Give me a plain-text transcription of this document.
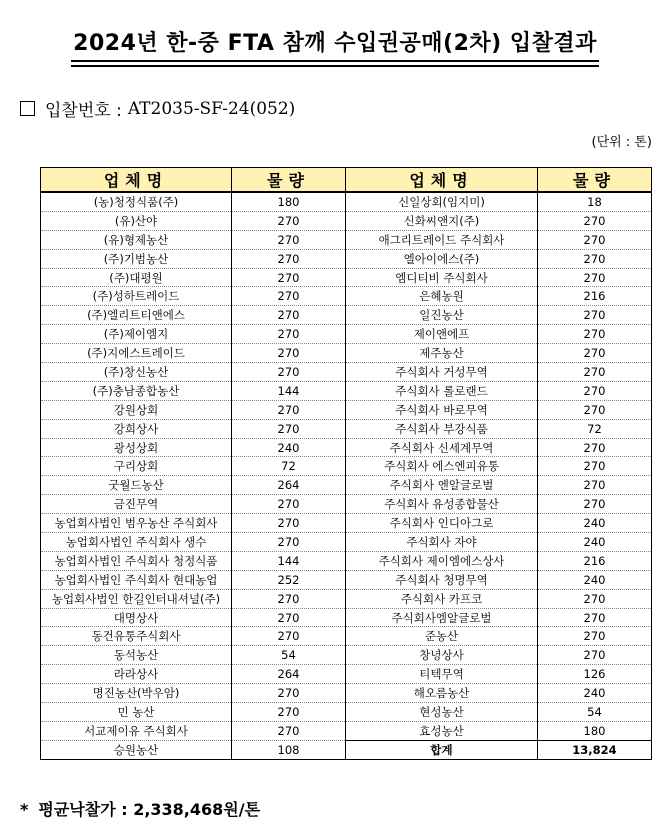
2024년 한-중 FTA 참깨 수입권공매(2차) 입찰결과
입찰번호 : AT2035-SF-24(052)
(단위 : 톤)
업체명	물량	업체명	물량
(농)청정식품(주)	180	신일상회(임지미)	18
(유)산야	270	신화씨앤지(주)	270
(유)형제농산	270	애그리트레이드 주식회사	270
(주)기범농산	270	엘아이에스(주)	270
(주)대평원	270	엠디티비 주식회사	270
(주)성하트레이드	270	은혜농원	216
(주)엘리트티앤에스	270	일진농산	270
(주)제이엠지	270	제이앤에프	270
(주)지에스트레이드	270	제주농산	270
(주)창신농산	270	주식회사 거성무역	270
(주)충남종합농산	144	주식회사 롤로랜드	270
강원상회	270	주식회사 바로무역	270
강희상사	270	주식회사 부강식품	72
광성상회	240	주식회사 신세계무역	270
구리상회	72	주식회사 에스엔피유통	270
굿월드농산	264	주식회사 엔알글로벌	270
금진무역	270	주식회사 유성종합물산	270
농업회사법인 범우농산 주식회사	270	주식회사 인디아그로	240
농업회사법인 주식회사 생수	270	주식회사 자야	240
농업회사법인 주식회사 청정식품	144	주식회사 제이엠에스상사	216
농업회사법인 주식회사 현대농업	252	주식회사 청명무역	240
농업회사법인 한길인터내셔널(주)	270	주식회사 카프코	270
대명상사	270	주식회사엠알글로벌	270
동건유통주식회사	270	준농산	270
동석농산	54	창녕상사	270
라라상사	264	티텍무역	126
명진농산(박우암)	270	해오름농산	240
민 농산	270	현성농산	54
서교제이유 주식회사	270	효성농산	180
승원농산	108	합계	13,824
* 평균낙찰가 : 2,338,468원/톤
